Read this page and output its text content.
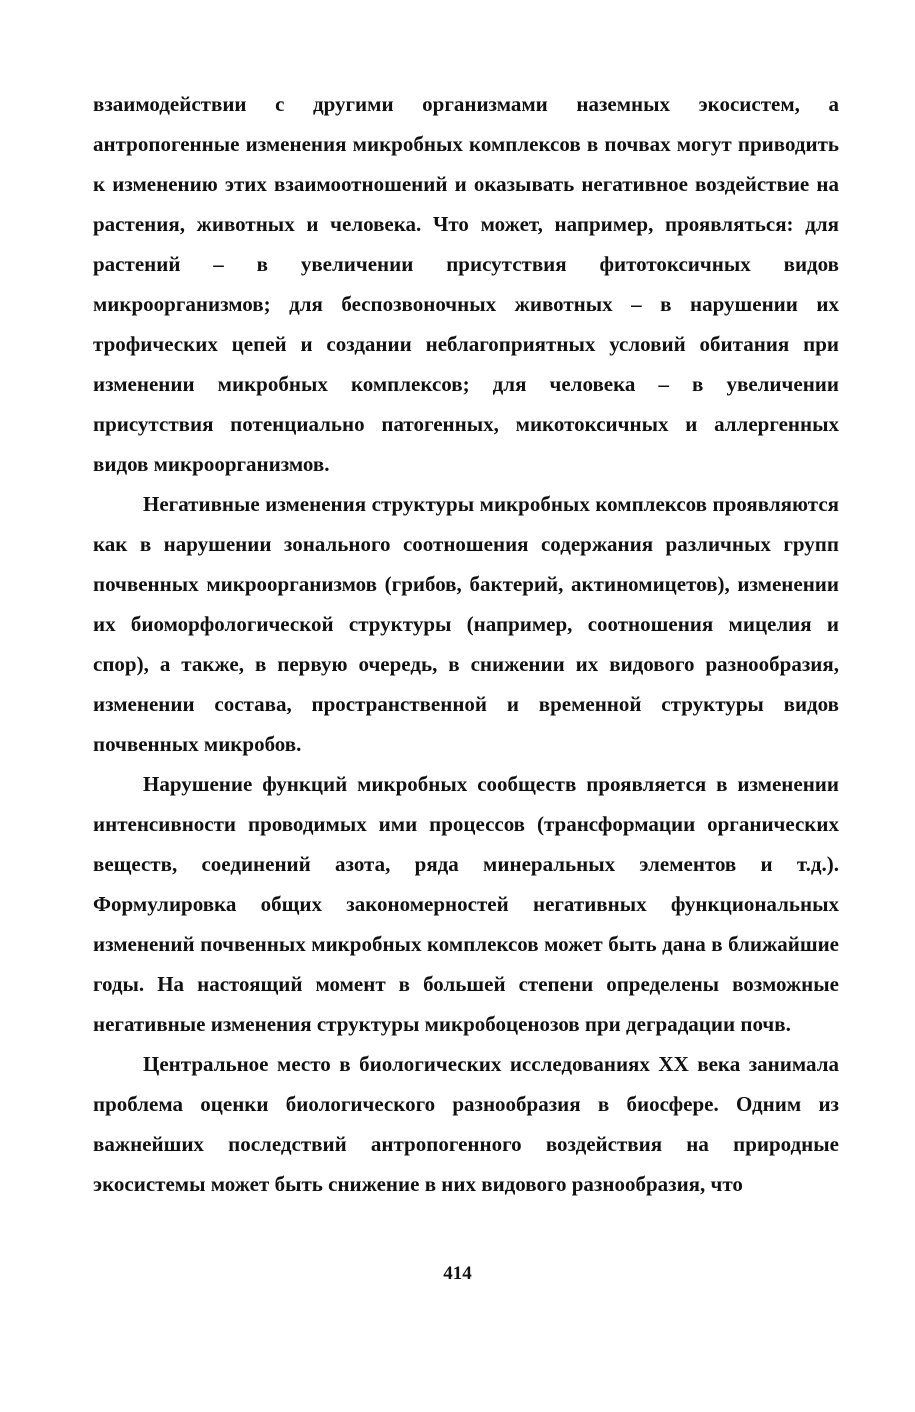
взаимодействии с другими организмами наземных экосистем, а антропогенные изменения микробных комплексов в почвах могут приводить к изменению этих взаимоотношений и оказывать негативное воздействие на растения, животных и человека. Что может, например, проявляться: для растений – в увеличении присутствия фитотоксичных видов микроорганизмов; для беспозвоночных животных – в нарушении их трофических цепей и создании неблагоприятных условий обитания при изменении микробных комплексов; для человека – в увеличении присутствия потенциально патогенных, микотоксичных и аллергенных видов микроорганизмов.

Негативные изменения структуры микробных комплексов проявляются как в нарушении зонального соотношения содержания различных групп почвенных микроорганизмов (грибов, бактерий, актиномицетов), изменении их биоморфологической структуры (например, соотношения мицелия и спор), а также, в первую очередь, в снижении их видового разнообразия, изменении состава, пространственной и временной структуры видов почвенных микробов.

Нарушение функций микробных сообществ проявляется в изменении интенсивности проводимых ими процессов (трансформации органических веществ, соединений азота, ряда минеральных элементов и т.д.). Формулировка общих закономерностей негативных функциональных изменений почвенных микробных комплексов может быть дана в ближайшие годы. На настоящий момент в большей степени определены возможные негативные изменения структуры микробоценозов при деградации почв.

Центральное место в биологических исследованиях XX века занимала проблема оценки биологического разнообразия в биосфере. Одним из важнейших последствий антропогенного воздействия на природные экосистемы может быть снижение в них видового разнообразия, что

414
